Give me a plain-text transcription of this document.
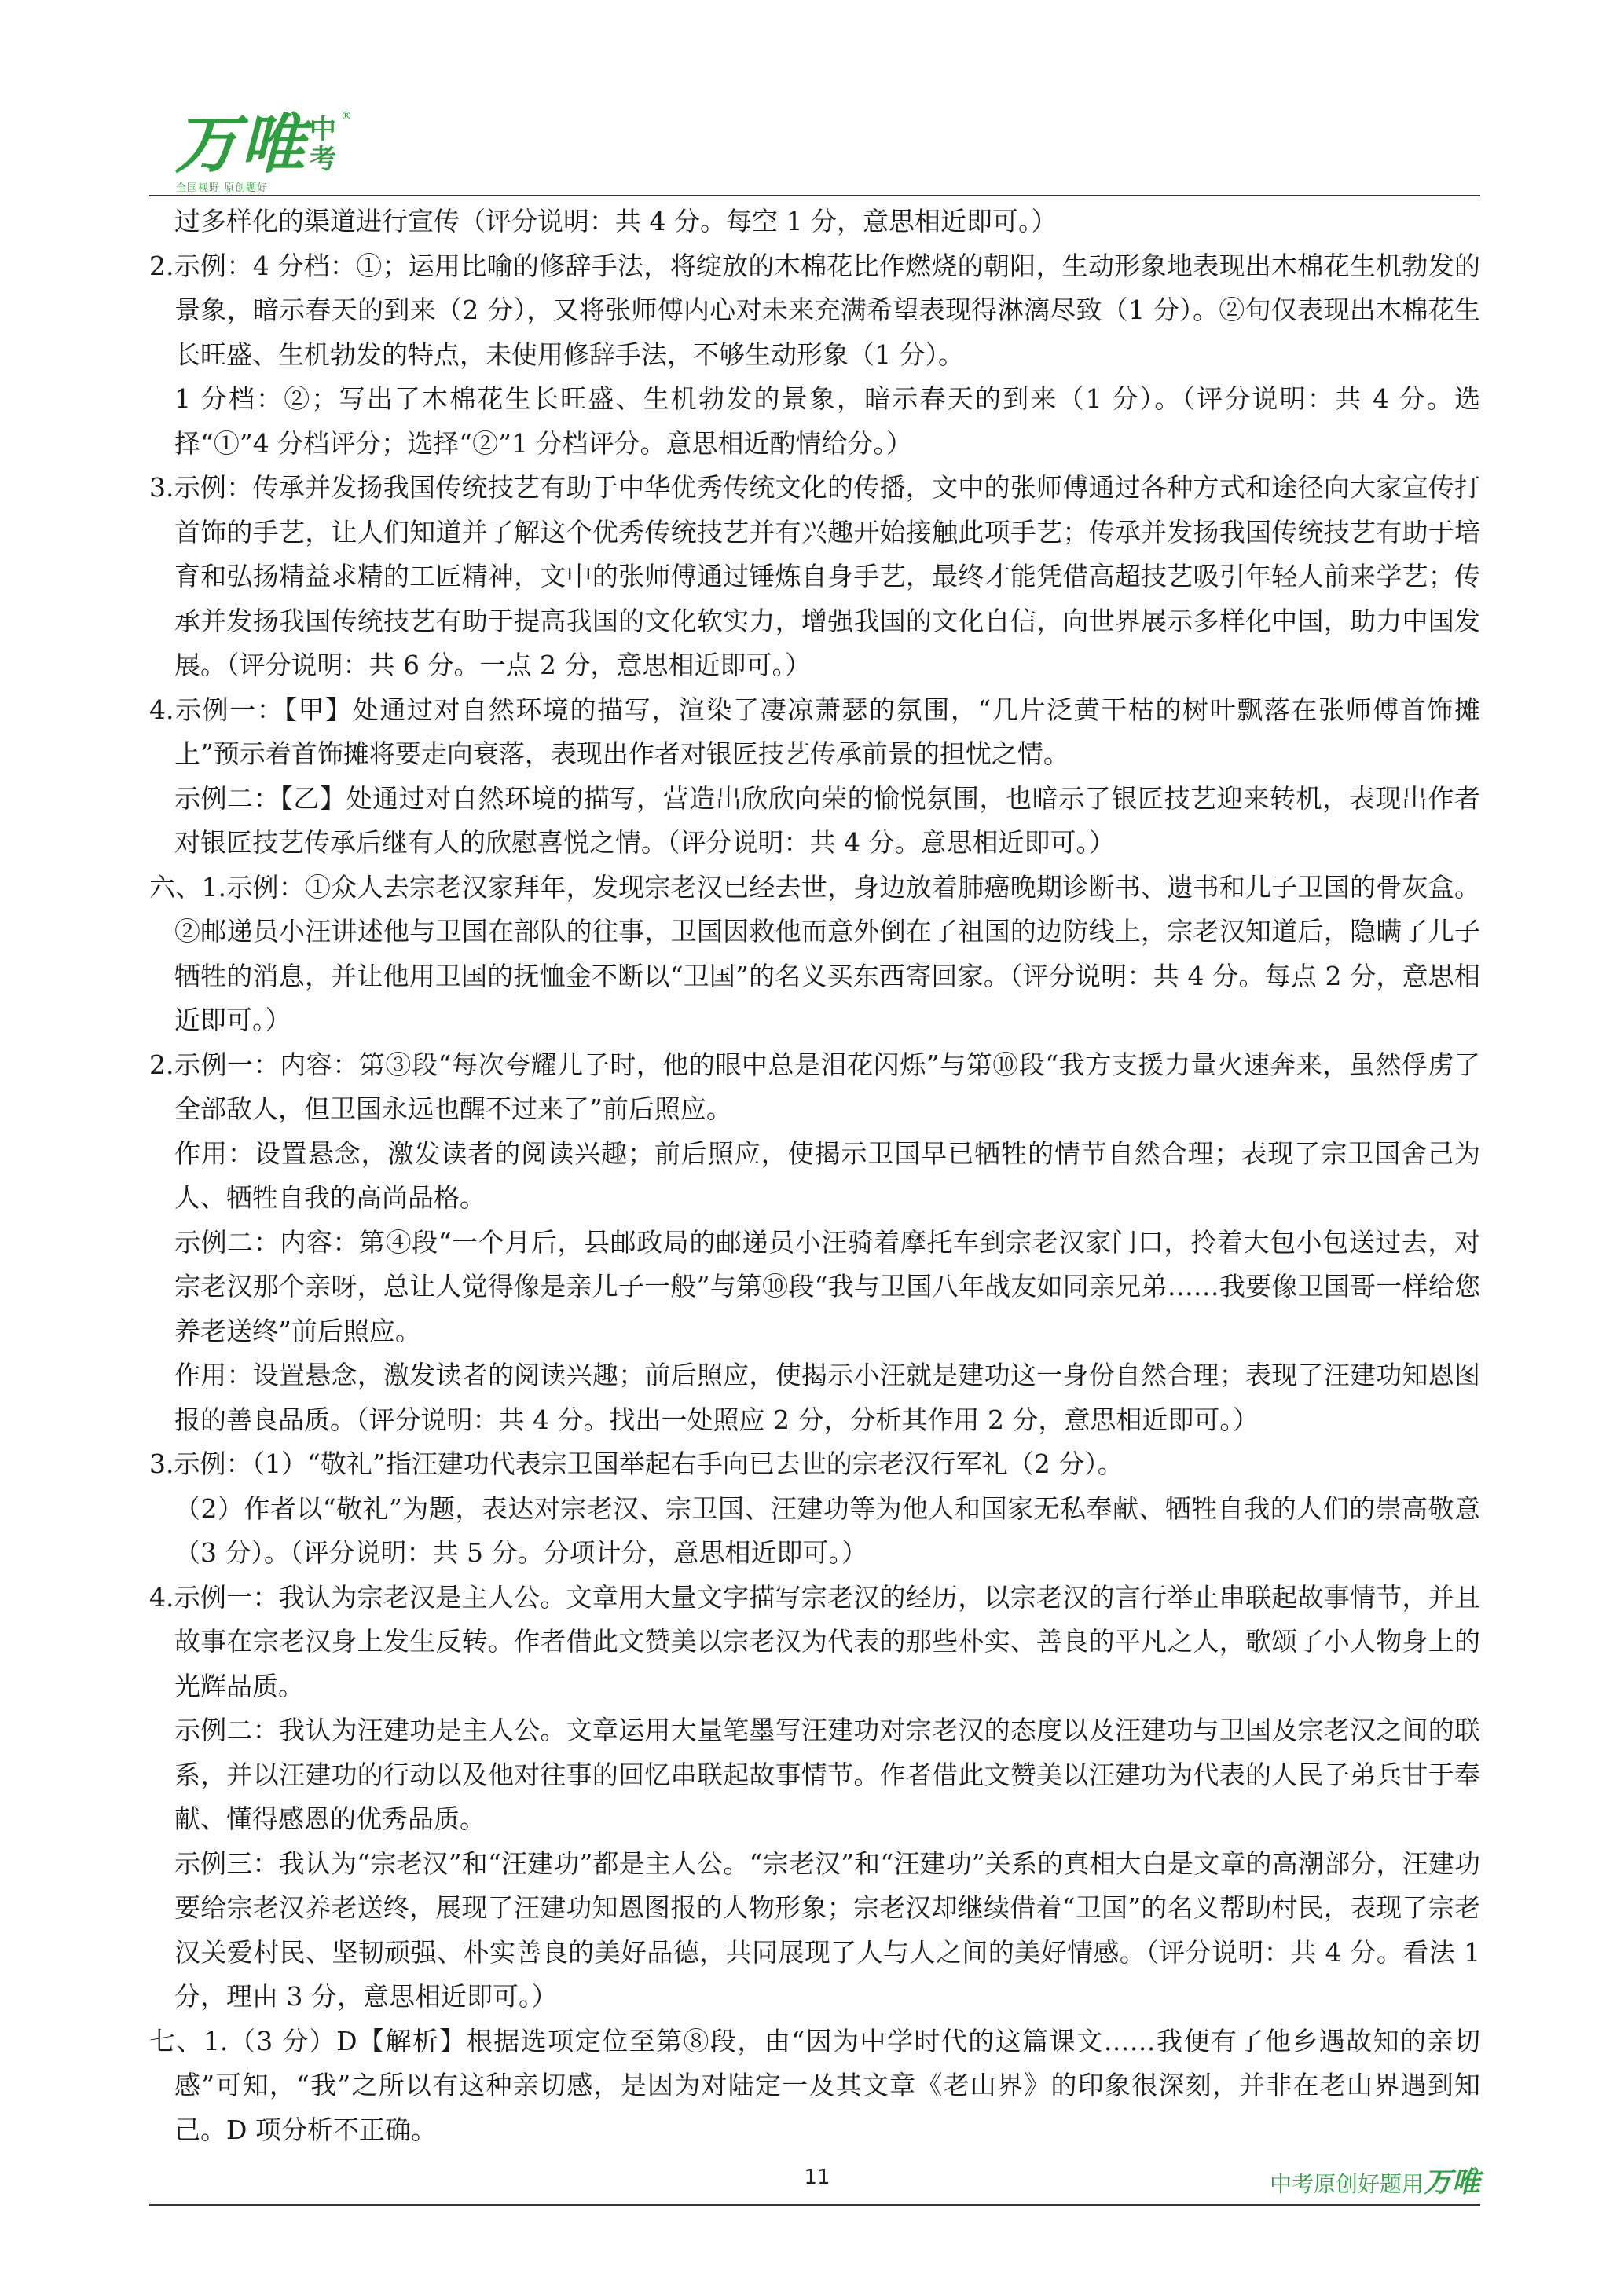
万唯 中考
®
全国视野 原创题好

过多样化的渠道进行宣传（评分说明：共 4 分。每空 1 分，意思相近即可。）

2.示例：4 分档：①；运用比喻的修辞手法，将绽放的木棉花比作燃烧的朝阳，生动形象地表现出木棉花生机勃发的景象，暗示春天的到来（2 分），又将张师傅内心对未来充满希望表现得淋漓尽致（1 分）。②句仅表现出木棉花生长旺盛、生机勃发的特点，未使用修辞手法，不够生动形象（1 分）。

1 分档：②；写出了木棉花生长旺盛、生机勃发的景象，暗示春天的到来（1 分）。（评分说明：共 4 分。选择“①”4 分档评分；选择“②”1 分档评分。意思相近酌情给分。）

3.示例：传承并发扬我国传统技艺有助于中华优秀传统文化的传播，文中的张师傅通过各种方式和途径向大家宣传打首饰的手艺，让人们知道并了解这个优秀传统技艺并有兴趣开始接触此项手艺；传承并发扬我国传统技艺有助于培育和弘扬精益求精的工匠精神，文中的张师傅通过锤炼自身手艺，最终才能凭借高超技艺吸引年轻人前来学艺；传承并发扬我国传统技艺有助于提高我国的文化软实力，增强我国的文化自信，向世界展示多样化中国，助力中国发展。（评分说明：共 6 分。一点 2 分，意思相近即可。）

4.示例一：【甲】处通过对自然环境的描写，渲染了凄凉萧瑟的氛围，“几片泛黄干枯的树叶飘落在张师傅首饰摊上”预示着首饰摊将要走向衰落，表现出作者对银匠技艺传承前景的担忧之情。

示例二：【乙】处通过对自然环境的描写，营造出欣欣向荣的愉悦氛围，也暗示了银匠技艺迎来转机，表现出作者对银匠技艺传承后继有人的欣慰喜悦之情。（评分说明：共 4 分。意思相近即可。）

六、1.示例：①众人去宗老汉家拜年，发现宗老汉已经去世，身边放着肺癌晚期诊断书、遗书和儿子卫国的骨灰盒。②邮递员小汪讲述他与卫国在部队的往事，卫国因救他而意外倒在了祖国的边防线上，宗老汉知道后，隐瞒了儿子牺牲的消息，并让他用卫国的抚恤金不断以“卫国”的名义买东西寄回家。（评分说明：共 4 分。每点 2 分，意思相近即可。）

2.示例一：内容：第③段“每次夸耀儿子时，他的眼中总是泪花闪烁”与第⑩段“我方支援力量火速奔来，虽然俘虏了全部敌人，但卫国永远也醒不过来了”前后照应。

作用：设置悬念，激发读者的阅读兴趣；前后照应，使揭示卫国早已牺牲的情节自然合理；表现了宗卫国舍己为人、牺牲自我的高尚品格。

示例二：内容：第④段“一个月后，县邮政局的邮递员小汪骑着摩托车到宗老汉家门口，拎着大包小包送过去，对宗老汉那个亲呀，总让人觉得像是亲儿子一般”与第⑩段“我与卫国八年战友如同亲兄弟……我要像卫国哥一样给您养老送终”前后照应。

作用：设置悬念，激发读者的阅读兴趣；前后照应，使揭示小汪就是建功这一身份自然合理；表现了汪建功知恩图报的善良品质。（评分说明：共 4 分。找出一处照应 2 分，分析其作用 2 分，意思相近即可。）

3.示例：（1）“敬礼”指汪建功代表宗卫国举起右手向已去世的宗老汉行军礼（2 分）。

（2）作者以“敬礼”为题，表达对宗老汉、宗卫国、汪建功等为他人和国家无私奉献、牺牲自我的人们的崇高敬意（3 分）。（评分说明：共 5 分。分项计分，意思相近即可。）

4.示例一：我认为宗老汉是主人公。文章用大量文字描写宗老汉的经历，以宗老汉的言行举止串联起故事情节，并且故事在宗老汉身上发生反转。作者借此文赞美以宗老汉为代表的那些朴实、善良的平凡之人，歌颂了小人物身上的光辉品质。

示例二：我认为汪建功是主人公。文章运用大量笔墨写汪建功对宗老汉的态度以及汪建功与卫国及宗老汉之间的联系，并以汪建功的行动以及他对往事的回忆串联起故事情节。作者借此文赞美以汪建功为代表的人民子弟兵甘于奉献、懂得感恩的优秀品质。

示例三：我认为“宗老汉”和“汪建功”都是主人公。“宗老汉”和“汪建功”关系的真相大白是文章的高潮部分，汪建功要给宗老汉养老送终，展现了汪建功知恩图报的人物形象；宗老汉却继续借着“卫国”的名义帮助村民，表现了宗老汉关爱村民、坚韧顽强、朴实善良的美好品德，共同展现了人与人之间的美好情感。（评分说明：共 4 分。看法 1 分，理由 3 分，意思相近即可。）

七、1.（3 分）D【解析】根据选项定位至第⑧段，由“因为中学时代的这篇课文……我便有了他乡遇故知的亲切感”可知，“我”之所以有这种亲切感，是因为对陆定一及其文章《老山界》的印象很深刻，并非在老山界遇到知己。D 项分析不正确。

11	中考原创好题用万唯
